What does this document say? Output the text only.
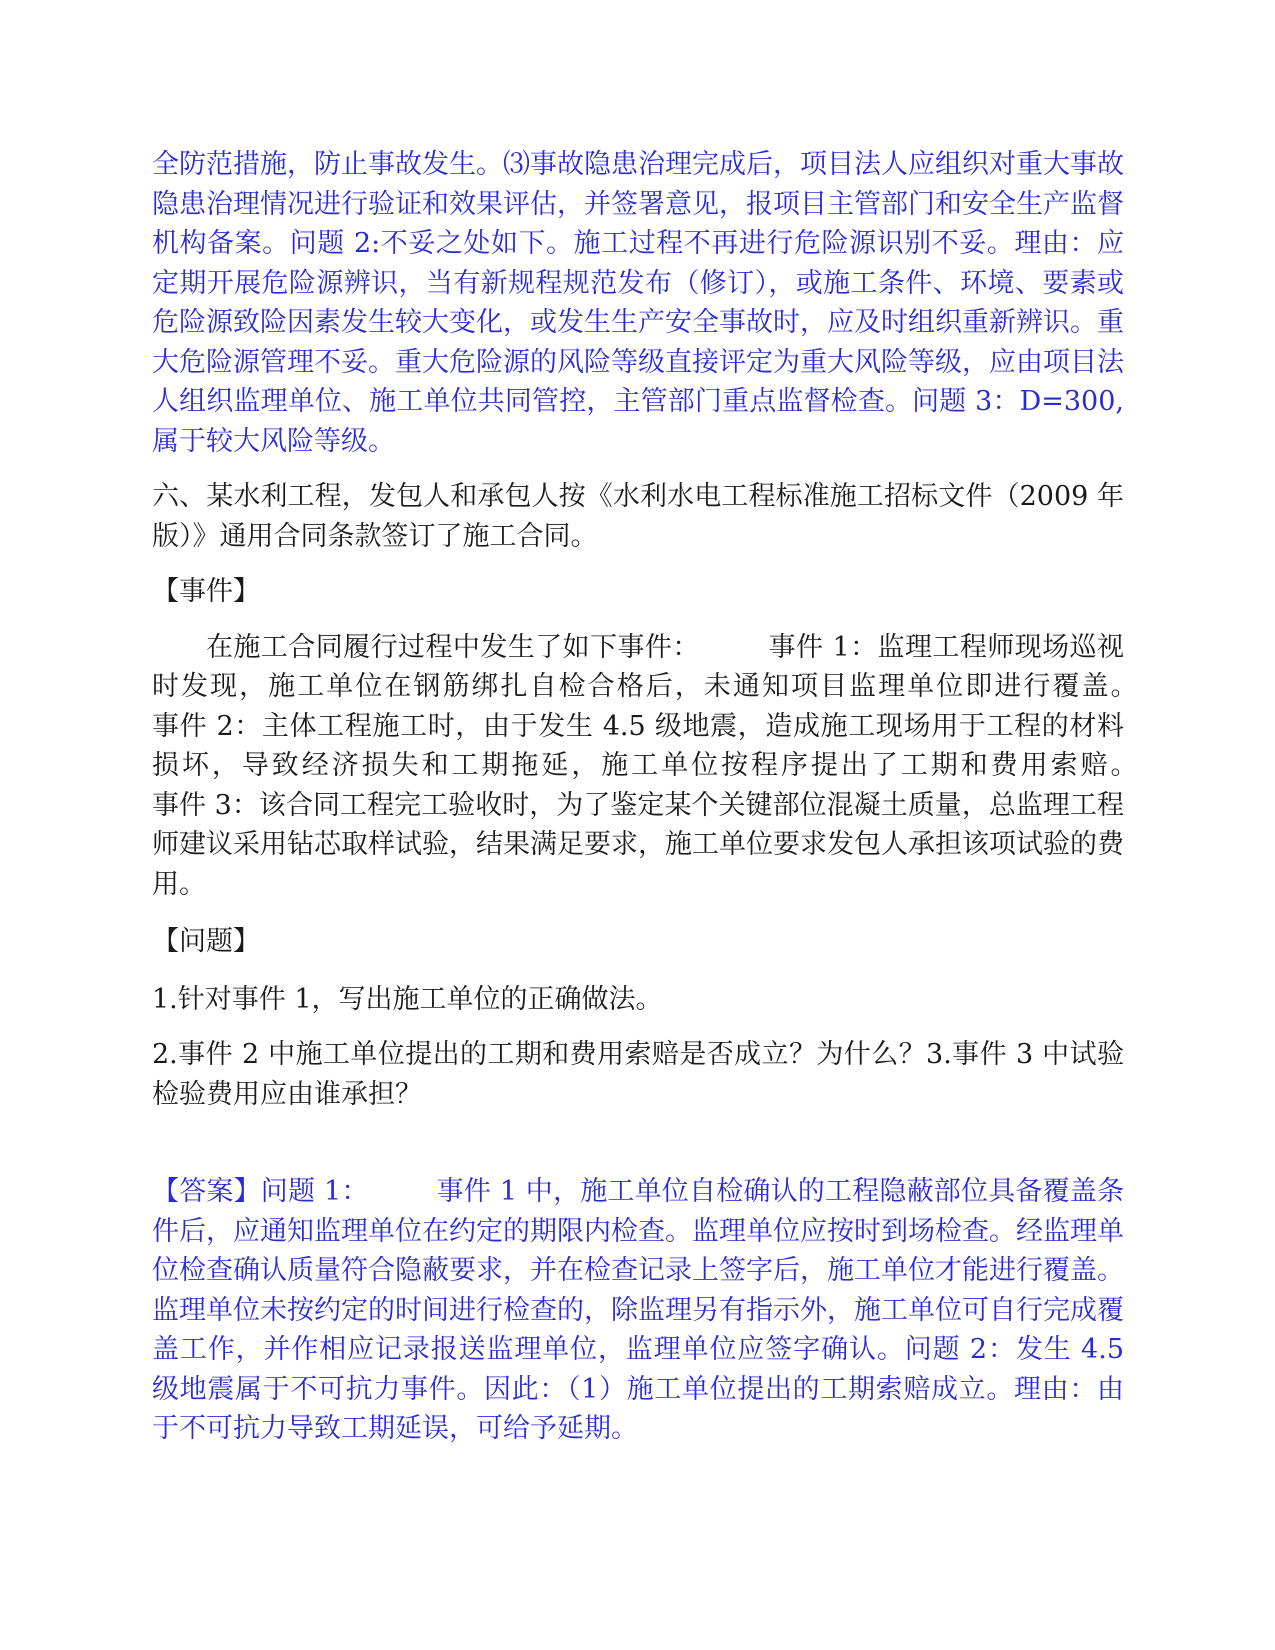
全防范措施，防止事故发生。⑶事故隐患治理完成后，项目法人应组织对重大事故隐患治理情况进行验证和效果评估，并签署意见，报项目主管部门和安全生产监督机构备案。问题 2:不妥之处如下。施工过程不再进行危险源识别不妥。理由：应定期开展危险源辨识，当有新规程规范发布（修订），或施工条件、环境、要素或危险源致险因素发生较大变化，或发生生产安全事故时，应及时组织重新辨识。重大危险源管理不妥。重大危险源的风险等级直接评定为重大风险等级，应由项目法人组织监理单位、施工单位共同管控，主管部门重点监督检查。问题 3：D=300,属于较大风险等级。

六、某水利工程，发包人和承包人按《水利水电工程标准施工招标文件（2009 年版）》通用合同条款签订了施工合同。

【事件】

在施工合同履行过程中发生了如下事件：　　　事件 1：监理工程师现场巡视时发现，施工单位在钢筋绑扎自检合格后，未通知项目监理单位即进行覆盖。　　　事件 2：主体工程施工时，由于发生 4.5 级地震，造成施工现场用于工程的材料损坏，导致经济损失和工期拖延，施工单位按程序提出了工期和费用索赔。　　　事件 3：该合同工程完工验收时，为了鉴定某个关键部位混凝土质量，总监理工程师建议采用钻芯取样试验，结果满足要求，施工单位要求发包人承担该项试验的费用。

【问题】

1.针对事件 1，写出施工单位的正确做法。

2.事件 2 中施工单位提出的工期和费用索赔是否成立？为什么？3.事件 3 中试验检验费用应由谁承担？

【答案】问题 1：　　　事件 1 中，施工单位自检确认的工程隐蔽部位具备覆盖条件后，应通知监理单位在约定的期限内检查。监理单位应按时到场检查。经监理单位检查确认质量符合隐蔽要求，并在检查记录上签字后，施工单位才能进行覆盖。监理单位未按约定的时间进行检查的，除监理另有指示外，施工单位可自行完成覆盖工作，并作相应记录报送监理单位，监理单位应签字确认。问题 2：发生 4.5 级地震属于不可抗力事件。因此：（1）施工单位提出的工期索赔成立。理由：由于不可抗力导致工期延误，可给予延期。
